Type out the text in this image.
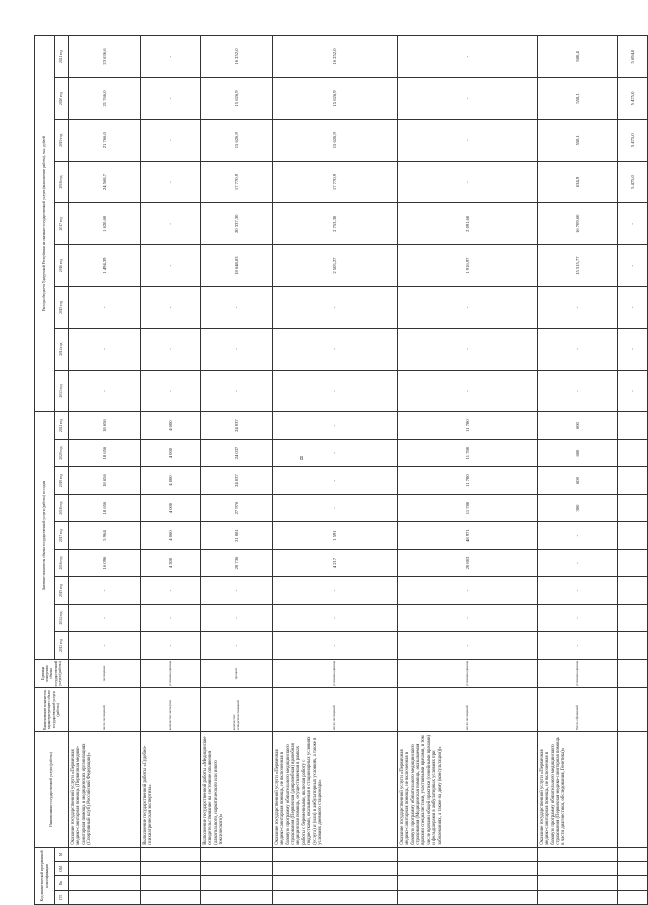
8
Код аналитической программной классификации				Наименование государственной услуги (работы)	Наименование показателя, характеризующего объем государственной услуги (работы)	Единица измерения объема государственной услуги (работы)	Значение показателя объема государственной услуги (работы) по годам									Расходы бюджета Удмуртской Республики на оказание государственной услуги (выполнение работы), тыс. рублей								
ГП	Пп	ОМ	М				2013 год	2014 год	2015 год	2016 год	2017 год	2018 год	2019 год	2020 год	2021 год	2013 год	2014 год	2015 год	2016 год	2017 год	2018 год	2019 год	2020 год	2021 год
				Оказание государственной услуги «Первичная медико-санитарная помощь (Первичная медико-санитарная помощь в медицинских организациях (Спортивный клуб) Российской Федерации)»	число посещений	посещение	-	-	-	16 096	5 964	18 656	18 656	18 656	18 656	-	-	-	1 494,39	1 620,60	24 568,7	21 766,0	21 766,0	23 636,6
				Выполнение государственной работы «Судебно-психиатрическая экспертиза»	количество экспертиз	условная единица	-	-	-	4 300	4 060	4 000	4 000	4 000	4 000	-	-	-	-	-	-	-	-	-
				Выполнение государственной работы «Медицинское освидетельствование на состояние опьянения (алкогольного, наркотического или иного токсического)»	количество освидетельствований	процент	-	-	-	28 736	21 081	27 976	24 037	24 037	24 037	-	-	-	18 648,83	20 337,30	17 770,9	15 626,9	15 626,9	16 252,0
				Оказание государственной услуги «Первичная медико-санитарная помощь, не включенная в базовую программу обязательного медицинского страхования (Первичная (доврачебная) врачебная медицинская помощь, осуществляемая в рамках работы с беременными, включая работу с подростками, оказываемая в стационарных условиях (услуга) и (или) в амбулаторных условиях, а также в условиях дневного стационара»	число посещений	условная единица	-	-	-	4 217	1 591	-	-	-	-	-	-	-	2 505,27	2 753,30	17 770,9	15 626,9	15 626,9	16 252,0
				Оказание государственной услуги «Первичная медико-санитарная помощь, не включенная в базовую программу обязательного медицинского страхования (Медицинская помощь, оказываемая врачами специалистами, участковыми врачами, в том числе врачами общей практики (семейными врачами) и фельдшерами в амбулаторных условиях при заболеваниях, а также на дому (консультации))»	число посещений	условная единица	-	-	-	20 803	48 971	11 780	11 780	11 780	11 780	-	-	-	1 916,97	2 091,60	-	-	-	-
				Оказание государственной услуги «Первичная медико-санитарная помощь, не включенная в базовую программу обязательного медицинского страхования (Первичная медико-санитарная помощь в части диагностики, обследования, Генетика)»	Число обращений	условная единица	-	-	-	-	-	300	600	600	600	-	-	-	15 515,77	16 709,60	634,9	558,1	558,1	580,4
																-	-	-	-	-	5 475,0	5 475,0	5 475,0	5 694,0
